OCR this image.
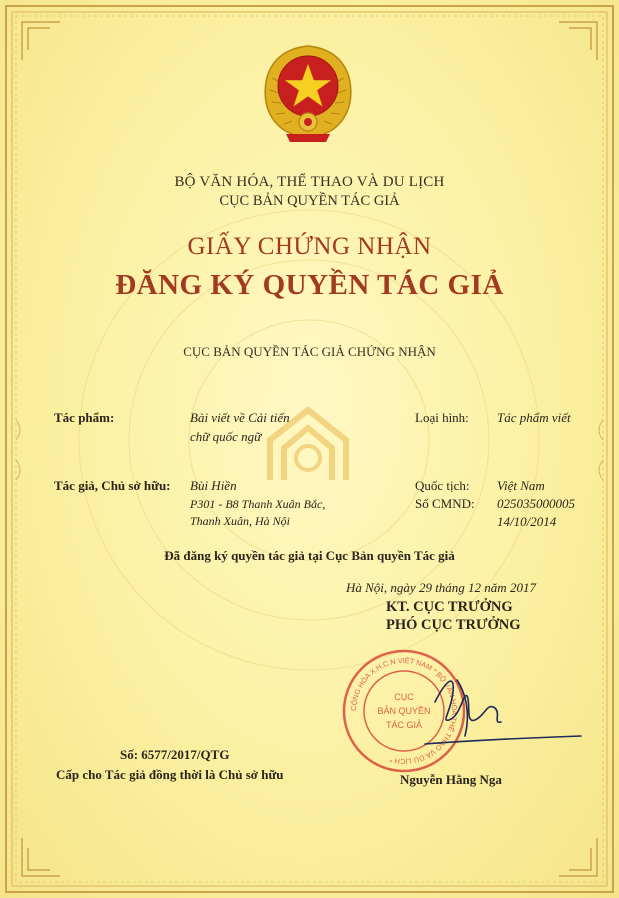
BỘ VĂN HÓA, THỂ THAO VÀ DU LỊCH
CỤC BẢN QUYỀN TÁC GIẢ
GIẤY CHỨNG NHẬN
ĐĂNG KÝ QUYỀN TÁC GIẢ
CỤC BẢN QUYỀN TÁC GIẢ CHỨNG NHẬN
Tác phẩm:	Bài viết về Cải tiến
chữ quốc ngữ
Loại hình: Tác phẩm viết
Tác giả, Chủ sở hữu: Bùi Hiền
P301 - B8 Thanh Xuân Bắc,
Thanh Xuân, Hà Nội
Quốc tịch: Việt Nam
Số CMND: 025035000005
14/10/2014
Đã đăng ký quyền tác giả tại Cục Bản quyền Tác giả
Hà Nội, ngày 29 tháng 12 năm 2017
KT. CỤC TRƯỞNG
PHÓ CỤC TRƯỞNG
CỘNG HÒA X.H.C.N VIỆT NAM * BỘ VĂN HÓA THỂ THAO VÀ DU LỊCH *
CỤC
BẢN QUYỀN
TÁC GIẢ
Nguyễn Hằng Nga
Số: 6577/2017/QTG
Cấp cho Tác giả đồng thời là Chủ sở hữu
